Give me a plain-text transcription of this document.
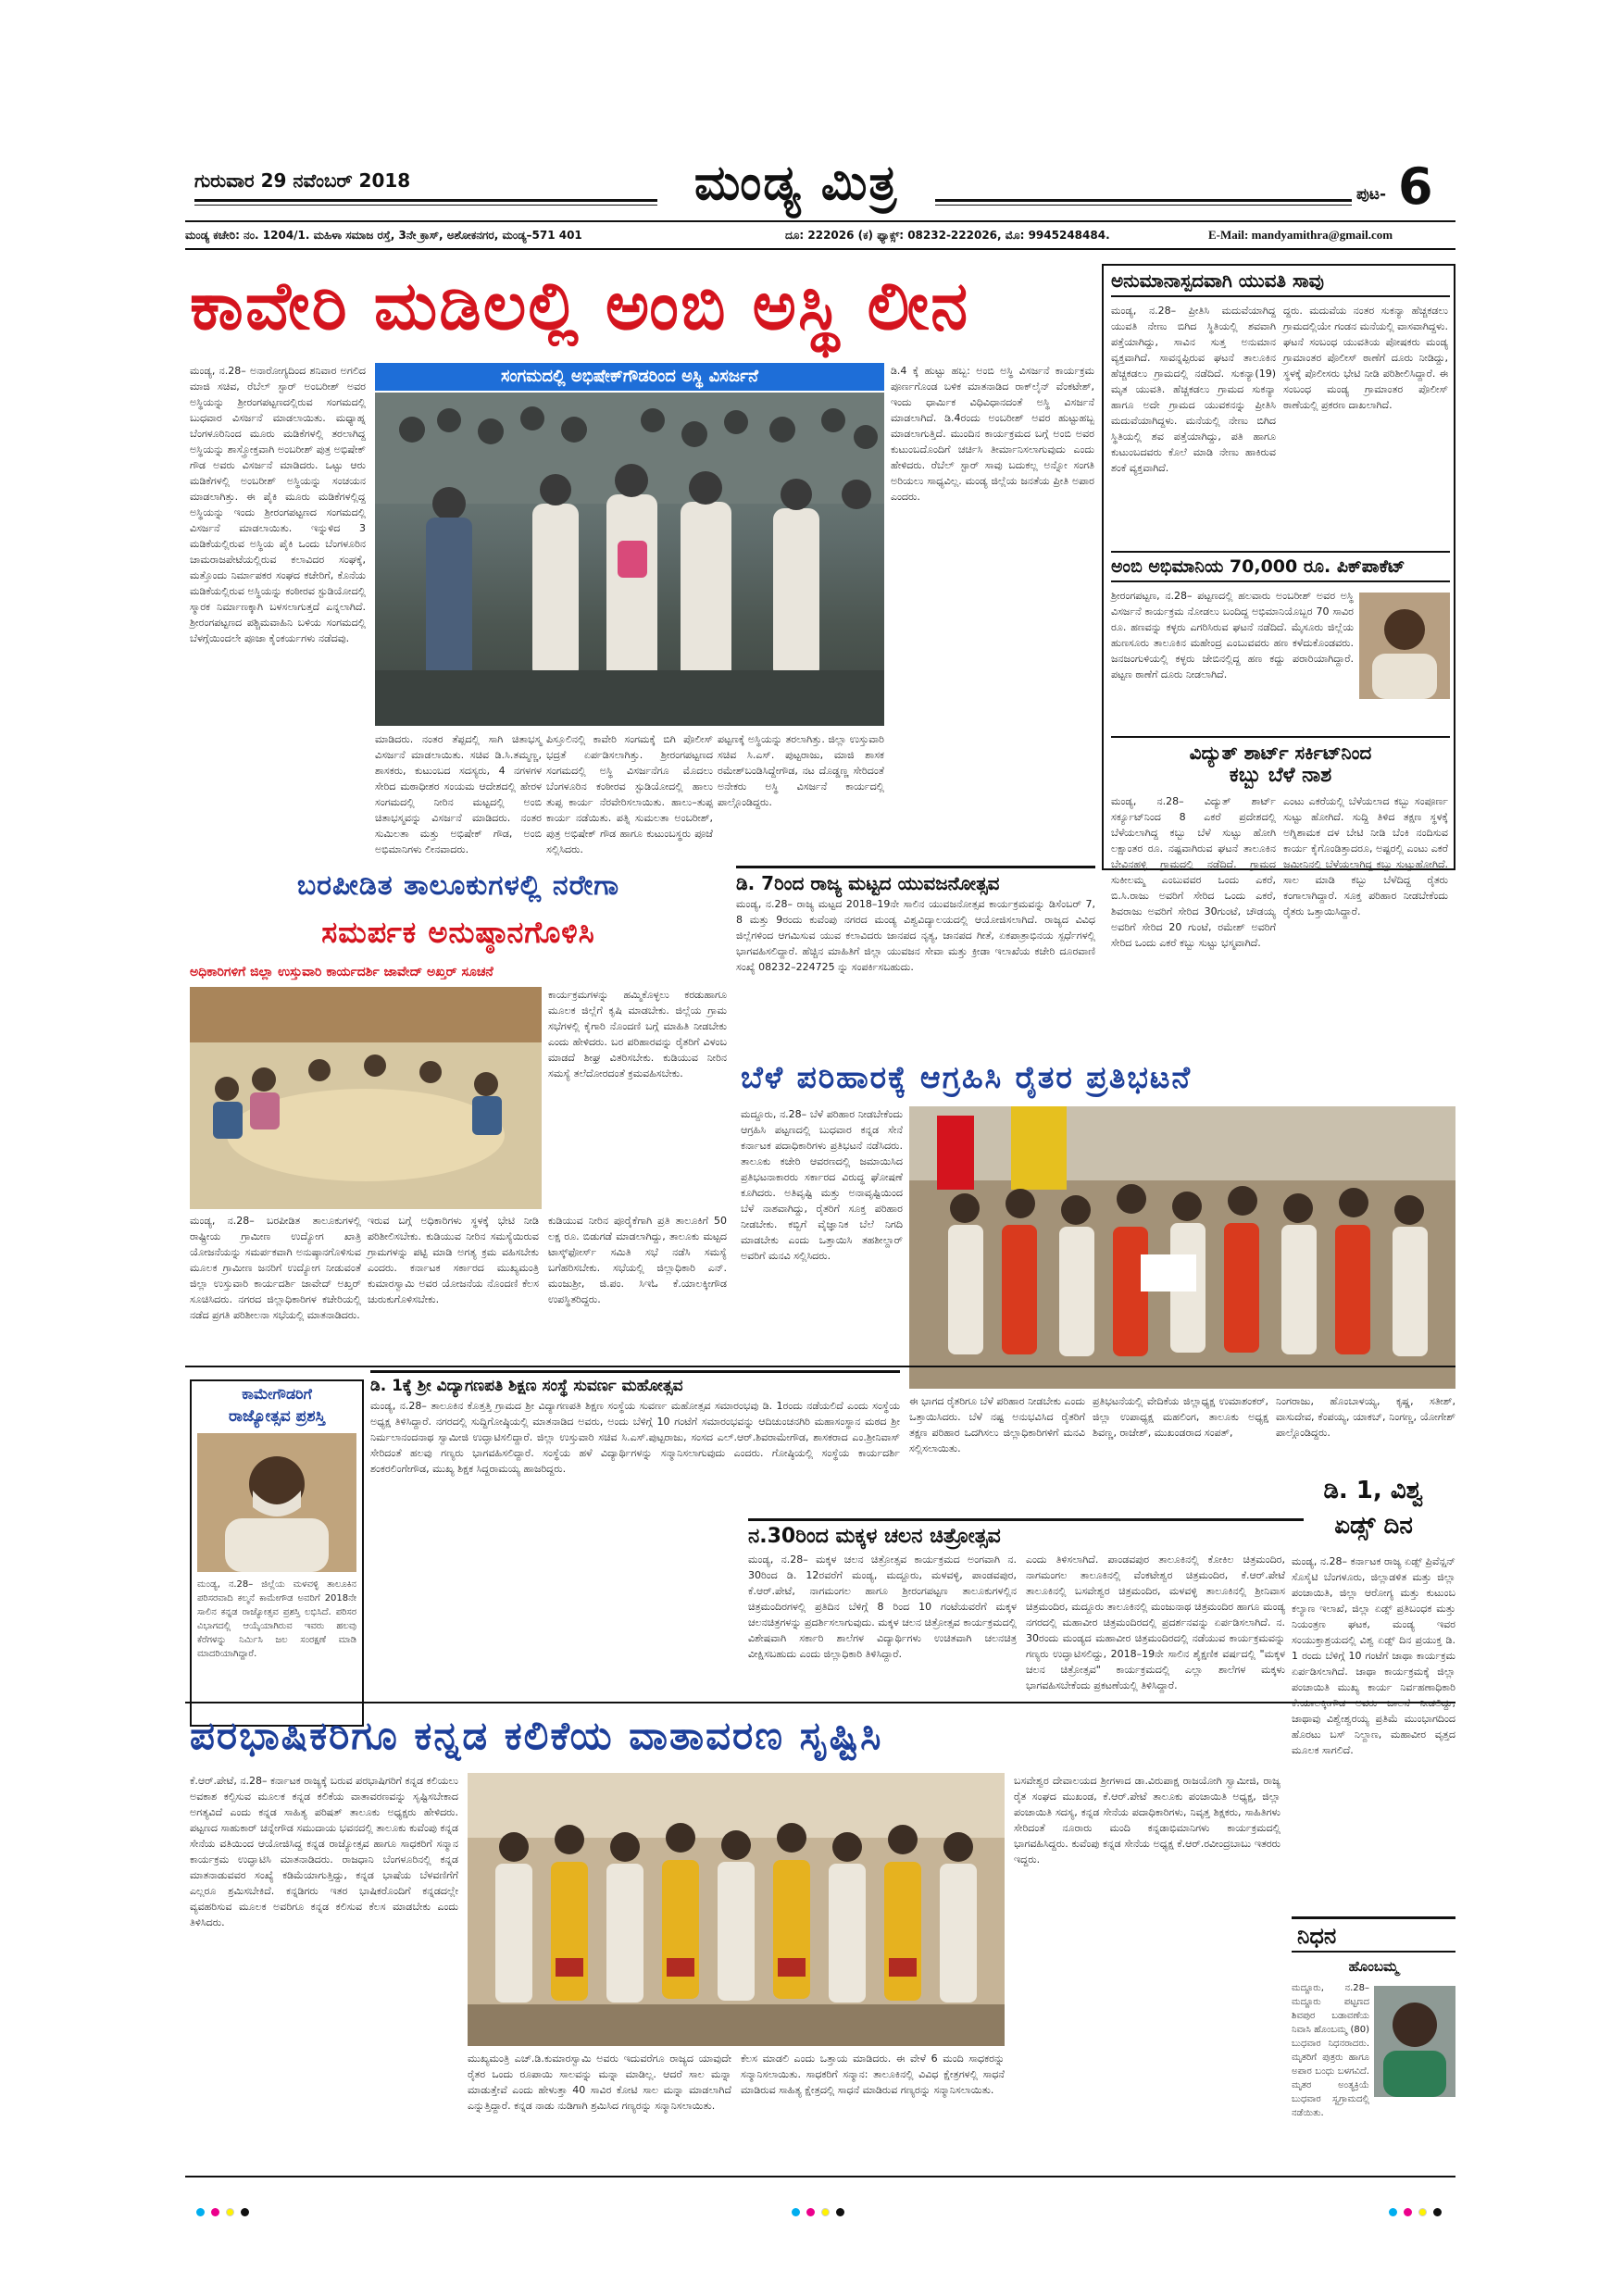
ಗುರುವಾರ 29 ನವೆಂಬರ್ 2018	ಮಂಡ್ಯ ಮಿತ್ರ	ಪುಟ- 6
ಮಂಡ್ಯ ಕಚೇರಿ: ನಂ. 1204/1. ಮಹಿಳಾ ಸಮಾಜ ರಸ್ತೆ, 3ನೇ ಕ್ರಾಸ್, ಅಶೋಕನಗರ, ಮಂಡ್ಯ–571 401	ದೂ: 222026 (ಕ) ಫ್ಯಾಕ್ಸ್: 08232-222026, ಮೊ: 9945248484.	E-Mail: mandyamithra@gmail.com
ಕಾವೇರಿ ಮಡಿಲಲ್ಲಿ ಅಂಬಿ ಅಸ್ಥಿ ಲೀನ
ಮಂಡ್ಯ, ನ.28– ಅನಾರೋಗ್ಯದಿಂದ ಶನಿವಾರ ಅಗಲಿದ ಮಾಜಿ ಸಚಿವ, ರೆಬೆಲ್ ಸ್ಟಾರ್ ಅಂಬರೀಶ್ ಅವರ ಅಸ್ಥಿಯನ್ನು ಶ್ರೀರಂಗಪಟ್ಟಣದಲ್ಲಿರುವ ಸಂಗಮದಲ್ಲಿ ಬುಧವಾರ ವಿಸರ್ಜನೆ ಮಾಡಲಾಯಿತು. ಮಧ್ಯಾಹ್ನ ಬೆಂಗಳೂರಿನಿಂದ ಮೂರು ಮಡಿಕೆಗಳಲ್ಲಿ ತರಲಾಗಿದ್ದ ಅಸ್ಥಿಯನ್ನು ಶಾಸ್ತ್ರೋಕ್ತವಾಗಿ ಅಂಬರೀಶ್ ಪುತ್ರ ಅಭಿಷೇಕ್ ಗೌಡ ಅವರು ವಿಸರ್ಜನೆ ಮಾಡಿದರು. ಒಟ್ಟು ಆರು ಮಡಿಕೆಗಳಲ್ಲಿ ಅಂಬರೀಶ್ ಅಸ್ಥಿಯನ್ನು ಸಂಚಯನ ಮಾಡಲಾಗಿತ್ತು. ಈ ಪೈಕಿ ಮೂರು ಮಡಿಕೆಗಳಲ್ಲಿದ್ದ ಅಸ್ಥಿಯನ್ನು ಇಂದು ಶ್ರೀರಂಗಪಟ್ಟಣದ ಸಂಗಮದಲ್ಲಿ ವಿಸರ್ಜನೆ ಮಾಡಲಾಯಿತು. ಇನ್ನುಳಿದ 3 ಮಡಿಕೆಯಲ್ಲಿರುವ ಅಸ್ಥಿಯ ಪೈಕಿ ಒಂದು ಬೆಂಗಳೂರಿನ ಚಾಮರಾಜಪೇಟೆಯಲ್ಲಿರುವ ಕಲಾವಿದರ ಸಂಘಕ್ಕೆ, ಮತ್ತೊಂದು ನಿರ್ಮಾಪಕರ ಸಂಘದ ಕಚೇರಿಗೆ, ಕೊನೆಯ ಮಡಿಕೆಯಲ್ಲಿರುವ ಅಸ್ಥಿಯನ್ನು ಕಂಠೀರವ ಸ್ಟುಡಿಯೋದಲ್ಲಿ ಸ್ಮಾರಕ ನಿರ್ಮಾಣಕ್ಕಾಗಿ ಬಳಸಲಾಗುತ್ತದೆ ಎನ್ನಲಾಗಿದೆ. ಶ್ರೀರಂಗಪಟ್ಟಣದ ಪಶ್ಚಿಮವಾಹಿನಿ ಬಳಿಯ ಸಂಗಮದಲ್ಲಿ ಬೆಳಗ್ಗೆಯಿಂದಲೇ ಪೂಜಾ ಕೈಂಕರ್ಯಗಳು ನಡೆದವು.
ಸಂಗಮದಲ್ಲಿ ಅಭಿಷೇಕ್‌ಗೌಡರಿಂದ ಅಸ್ಥಿ ವಿಸರ್ಜನೆ
ಮಾಡಿದರು. ನಂತರ ತೆಪ್ಪದಲ್ಲಿ ಸಾಗಿ ಚಿತಾಭಸ್ಮ ವಿಸರ್ಜನೆ ಮಾಡಲಾಯಿತು. ಸಚಿವ ಡಿ.ಸಿ.ತಮ್ಮಣ್ಣ, ಶಾಸಕರು, ಕುಟುಂಬದ ಸದಸ್ಯರು, 4 ನಗಳಗಳ ಸೇರಿದ ಮಠಾಧೀಶರ ಸಂಯಮ ಆದೇಶದಲ್ಲಿ ಹೇರಳ ಸಂಗಮದಲ್ಲಿ ನೀರಿನ ಮಟ್ಟದಲ್ಲಿ ಅಂಬಿ ಚಿತಾಭಸ್ಮವನ್ನು ವಿಸರ್ಜನೆ ಮಾಡಿದರು. ನಂತರ ಸುಮಿಲತಾ ಮತ್ತು ಅಭಿಷೇಕ್ ಗೌಡ, ಅಂಬಿ ಅಭಿಮಾನಿಗಳು ಲೀನವಾದರು.
ಪಿಸ್ತೂಲಿನಲ್ಲಿ ಕಾವೇರಿ ಸಂಗಮಕ್ಕೆ ಬಿಗಿ ಪೊಲೀಸ್ ಭದ್ರತೆ ಏರ್ಪಡಿಸಲಾಗಿತ್ತು. ಶ್ರೀರಂಗಪಟ್ಟಣದ ಸಂಗಮದಲ್ಲಿ ಅಸ್ಥಿ ವಿಸರ್ಜನೆಗೂ ಮೊದಲು ಬೆಂಗಳೂರಿನ ಕಂಠೀರವ ಸ್ಟುಡಿಯೋದಲ್ಲಿ ಹಾಲು ತುಪ್ಪ ಕಾರ್ಯ ನೆರವೇರಿಸಲಾಯಿತು. ಹಾಲು–ತುಪ್ಪ ಕಾರ್ಯ ನಡೆಯಿತು. ಪತ್ನಿ ಸುಮಲತಾ ಅಂಬರೀಶ್, ಪುತ್ರ ಅಭಿಷೇಕ್ ಗೌಡ ಹಾಗೂ ಕುಟುಂಬಸ್ಥರು ಪೂಜೆ ಸಲ್ಲಿಸಿದರು.
ಪಟ್ಟಣಕ್ಕೆ ಅಸ್ಥಿಯನ್ನು ತರಲಾಗಿತ್ತು. ಜಿಲ್ಲಾ ಉಸ್ತುವಾರಿ ಸಚಿವ ಸಿ.ಎಸ್. ಪುಟ್ಟರಾಜು, ಮಾಜಿ ಶಾಸಕ ರಮೇಶ್‌ಬಂಡಿಸಿದ್ದೇಗೌಡ, ನಟ ದೊಡ್ಡಣ್ಣ ಸೇರಿದಂತೆ ಅನೇಕರು ಅಸ್ಥಿ ವಿಸರ್ಜನೆ ಕಾರ್ಯದಲ್ಲಿ ಪಾಲ್ಗೊಂಡಿದ್ದರು.
ಡಿ.4 ಕ್ಕೆ ಹುಟ್ಟು ಹಬ್ಬ: ಅಂಬಿ ಅಸ್ಥಿ ವಿಸರ್ಜನೆ ಕಾರ್ಯಕ್ರಮ ಪೂರ್ಣಗೊಂಡ ಬಳಿಕ ಮಾತನಾಡಿದ ರಾಕ್‌ಲೈನ್ ವೆಂಕಟೇಶ್, ಇಂದು ಧಾರ್ಮಿಕ ವಿಧಿವಿಧಾನದಂತೆ ಅಸ್ಥಿ ವಿಸರ್ಜನೆ ಮಾಡಲಾಗಿದೆ. ಡಿ.4ರಂದು ಅಂಬರೀಶ್ ಅವರ ಹುಟ್ಟುಹಬ್ಬ ಮಾಡಲಾಗುತ್ತಿದೆ. ಮುಂದಿನ ಕಾರ್ಯಕ್ರಮದ ಬಗ್ಗೆ ಅಂಬಿ ಅವರ ಕುಟುಂಬದೊಂದಿಗೆ ಚರ್ಚಿಸಿ ತೀರ್ಮಾನಿಸಲಾಗುವುದು ಎಂದು ಹೇಳಿದರು. ರೆಬೆಲ್ ಸ್ಟಾರ್ ಸಾವು ಬದುಕಲ್ಲ ಅನ್ನೋ ಸಂಗತಿ ಅರಿಯಲು ಸಾಧ್ಯವಿಲ್ಲ. ಮಂಡ್ಯ ಜಿಲ್ಲೆಯ ಜನತೆಯ ಪ್ರೀತಿ ಅಪಾರ ಎಂದರು.
ಅನುಮಾನಾಸ್ಪದವಾಗಿ ಯುವತಿ ಸಾವು
ಮಂಡ್ಯ, ನ.28– ಪ್ರೀತಿಸಿ ಮದುವೆಯಾಗಿದ್ದ ಯುವತಿ ನೇಣು ಬಿಗಿದ ಸ್ಥಿತಿಯಲ್ಲಿ ಶವವಾಗಿ ಪತ್ತೆಯಾಗಿದ್ದು, ಸಾವಿನ ಸುತ್ತ ಅನುಮಾನ ವ್ಯಕ್ತವಾಗಿದೆ. ಸಾವನ್ನಪ್ಪಿರುವ ಘಟನೆ ತಾಲೂಕಿನ ಹೆಚ್ಚಕಡಲು ಗ್ರಾಮದಲ್ಲಿ ನಡೆದಿದೆ. ಸುಕನ್ಯಾ(19) ಮೃತ ಯುವತಿ. ಹೆಚ್ಚಕಡಲು ಗ್ರಾಮದ ಸುಕನ್ಯಾ ಹಾಗೂ ಅದೇ ಗ್ರಾಮದ ಯುವಕನನ್ನು ಪ್ರೀತಿಸಿ ಮದುವೆಯಾಗಿದ್ದಳು. ಮನೆಯಲ್ಲಿ ನೇಣು ಬಿಗಿದ ಸ್ಥಿತಿಯಲ್ಲಿ ಶವ ಪತ್ತೆಯಾಗಿದ್ದು, ಪತಿ ಹಾಗೂ ಕುಟುಂಬದವರು ಕೊಲೆ ಮಾಡಿ ನೇಣು ಹಾಕಿರುವ ಶಂಕೆ ವ್ಯಕ್ತವಾಗಿದೆ.
ದ್ದರು. ಮದುವೆಯ ನಂತರ ಸುಕನ್ಯಾ ಹೆಚ್ಚಕಡಲು ಗ್ರಾಮದಲ್ಲಿಯೇ ಗಂಡನ ಮನೆಯಲ್ಲಿ ವಾಸವಾಗಿದ್ದಳು. ಘಟನೆ ಸಂಬಂಧ ಯುವತಿಯ ಪೋಷಕರು ಮಂಡ್ಯ ಗ್ರಾಮಾಂತರ ಪೊಲೀಸ್ ಠಾಣೆಗೆ ದೂರು ನೀಡಿದ್ದು, ಸ್ಥಳಕ್ಕೆ ಪೊಲೀಸರು ಭೇಟಿ ನೀಡಿ ಪರಿಶೀಲಿಸಿದ್ದಾರೆ. ಈ ಸಂಬಂಧ ಮಂಡ್ಯ ಗ್ರಾಮಾಂತರ ಪೊಲೀಸ್ ಠಾಣೆಯಲ್ಲಿ ಪ್ರಕರಣ ದಾಖಲಾಗಿದೆ.
ಅಂಬಿ ಅಭಿಮಾನಿಯ 70,000 ರೂ. ಪಿಕ್‌ಪಾಕೆಟ್
ಶ್ರೀರಂಗಪಟ್ಟಣ, ನ.28– ಪಟ್ಟಣದಲ್ಲಿ ಹಲವಾರು ಅಂಬರೀಶ್ ಅವರ ಅಸ್ಥಿ ವಿಸರ್ಜನೆ ಕಾರ್ಯಕ್ರಮ ನೋಡಲು ಬಂದಿದ್ದ ಅಭಿಮಾನಿಯೊಬ್ಬರ 70 ಸಾವಿರ ರೂ. ಹಣವನ್ನು ಕಳ್ಳರು ಎಗರಿಸಿರುವ ಘಟನೆ ನಡೆದಿದೆ. ಮೈಸೂರು ಜಿಲ್ಲೆಯ ಹುಣಸೂರು ತಾಲೂಕಿನ ಮಹೇಂದ್ರ ಎಂಬುವವರು ಹಣ ಕಳೆದುಕೊಂಡವರು. ಜನಜಂಗುಳಿಯಲ್ಲಿ ಕಳ್ಳರು ಜೇಬಿನಲ್ಲಿದ್ದ ಹಣ ಕದ್ದು ಪರಾರಿಯಾಗಿದ್ದಾರೆ. ಪಟ್ಟಣ ಠಾಣೆಗೆ ದೂರು ನೀಡಲಾಗಿದೆ.
ವಿದ್ಯುತ್ ಶಾರ್ಟ್ ಸರ್ಕಿಟ್‌ನಿಂದ
ಕಬ್ಬು ಬೆಳೆ ನಾಶ
ಮಂಡ್ಯ, ನ.28– ವಿದ್ಯುತ್ ಶಾರ್ಟ್ ಸರ್ಕ್ಯೂಟ್‌ನಿಂದ 8 ಎಕರೆ ಪ್ರದೇಶದಲ್ಲಿ ಬೆಳೆಯಲಾಗಿದ್ದ ಕಬ್ಬು ಬೆಳೆ ಸುಟ್ಟು ಹೋಗಿ ಲಕ್ಷಾಂತರ ರೂ. ನಷ್ಟವಾಗಿರುವ ಘಟನೆ ತಾಲೂಕಿನ ಬೇವಿನಹಳ್ಳಿ ಗ್ರಾಮದಲ್ಲಿ ನಡೆದಿದೆ. ಗ್ರಾಮದ ಸುಕೀಲಮ್ಮ ಎಂಬುವವರ ಒಂದು ಎಕರೆ, ಬಿ.ಸಿ.ರಾಜು ಅವರಿಗೆ ಸೇರಿದ ಒಂದು ಎಕರೆ, ಶಿವರಾಜು ಅವರಿಗೆ ಸೇರಿದ 30ಗುಂಟೆ, ಚೌಡಯ್ಯ ಅವರಿಗೆ ಸೇರಿದ 20 ಗುಂಟೆ, ರಮೇಶ್ ಅವರಿಗೆ ಸೇರಿದ ಒಂದು ಎಕರೆ ಕಬ್ಬು ಸುಟ್ಟು ಭಸ್ಮವಾಗಿದೆ.
ಎಂಟು ಎಕರೆಯಲ್ಲಿ ಬೆಳೆಯಲಾದ ಕಬ್ಬು ಸಂಪೂರ್ಣ ಸುಟ್ಟು ಹೋಗಿದೆ. ಸುದ್ದಿ ತಿಳಿದ ತಕ್ಷಣ ಸ್ಥಳಕ್ಕೆ ಅಗ್ನಿಶಾಮಕ ದಳ ಬೇಟಿ ನೀಡಿ ಬೆಂಕಿ ನಂದಿಸುವ ಕಾರ್ಯ ಕೈಗೊಂಡಿತ್ತಾದರೂ, ಅಷ್ಟರಲ್ಲಿ ಎಂಟು ಎಕರೆ ಜಮೀನಿನಲ್ಲಿ ಬೆಳೆಯಲಾಗಿದ್ದ ಕಬ್ಬು ಸುಟ್ಟುಹೋಗಿದೆ. ಸಾಲ ಮಾಡಿ ಕಬ್ಬು ಬೆಳೆದಿದ್ದ ರೈತರು ಕಂಗಾಲಾಗಿದ್ದಾರೆ. ಸೂಕ್ತ ಪರಿಹಾರ ನೀಡಬೇಕೆಂದು ರೈತರು ಒತ್ತಾಯಿಸಿದ್ದಾರೆ.
ಬರಪೀಡಿತ ತಾಲೂಕುಗಳಲ್ಲಿ ನರೇಗಾ
ಸಮರ್ಪಕ ಅನುಷ್ಠಾನಗೊಳಿಸಿ
ಅಧಿಕಾರಿಗಳಿಗೆ ಜಿಲ್ಲಾ ಉಸ್ತುವಾರಿ ಕಾರ್ಯದರ್ಶಿ ಜಾವೇದ್ ಅಖ್ತರ್ ಸೂಚನೆ
ಕಾರ್ಯಕ್ರಮಗಳನ್ನು ಹಮ್ಮಿಕೊಳ್ಳಲು ಕರಡುಹಾಗೂ ಮೂಲಕ ಜಿಲ್ಲೆಗೆ ಕೃಷಿ ಮಾಡಬೇಕು. ಜಿಲ್ಲೆಯ ಗ್ರಾಮ ಸಭೆಗಳಲ್ಲಿ ಕೈಗಾರಿ ನೊಂದಣಿ ಬಗ್ಗೆ ಮಾಹಿತಿ ನೀಡಬೇಕು ಎಂದು ಹೇಳಿದರು. ಬರ ಪರಿಹಾರವನ್ನು ರೈತರಿಗೆ ವಿಳಂಬ ಮಾಡದೆ ಶೀಘ್ರ ವಿತರಿಸಬೇಕು. ಕುಡಿಯುವ ನೀರಿನ ಸಮಸ್ಯೆ ತಲೆದೋರದಂತೆ ಕ್ರಮವಹಿಸಬೇಕು.
ಮಂಡ್ಯ, ನ.28– ಬರಪೀಡಿತ ತಾಲೂಕುಗಳಲ್ಲಿ ರಾಷ್ಟ್ರೀಯ ಗ್ರಾಮೀಣ ಉದ್ಯೋಗ ಖಾತ್ರಿ ಯೋಜನೆಯನ್ನು ಸಮರ್ಪಕವಾಗಿ ಅನುಷ್ಠಾನಗೊಳಿಸುವ ಮೂಲಕ ಗ್ರಾಮೀಣ ಜನರಿಗೆ ಉದ್ಯೋಗ ನೀಡುವಂತೆ ಜಿಲ್ಲಾ ಉಸ್ತುವಾರಿ ಕಾರ್ಯದರ್ಶಿ ಜಾವೇದ್ ಅಖ್ತರ್ ಸೂಚಿಸಿದರು. ನಗರದ ಜಿಲ್ಲಾಧಿಕಾರಿಗಳ ಕಚೇರಿಯಲ್ಲಿ ನಡೆದ ಪ್ರಗತಿ ಪರಿಶೀಲನಾ ಸಭೆಯಲ್ಲಿ ಮಾತನಾಡಿದರು.
ಇರುವ ಬಗ್ಗೆ ಅಧಿಕಾರಿಗಳು ಸ್ಥಳಕ್ಕೆ ಭೇಟಿ ನೀಡಿ ಪರಿಶೀಲಿಸಬೇಕು. ಕುಡಿಯುವ ನೀರಿನ ಸಮಸ್ಯೆಯಿರುವ ಗ್ರಾಮಗಳನ್ನು ಪಟ್ಟಿ ಮಾಡಿ ಅಗತ್ಯ ಕ್ರಮ ವಹಿಸಬೇಕು ಎಂದರು. ಕರ್ನಾಟಕ ಸರ್ಕಾರದ ಮುಖ್ಯಮಂತ್ರಿ ಕುಮಾರಸ್ವಾಮಿ ಅವರ ಯೋಜನೆಯ ನೊಂದಣಿ ಕೆಲಸ ಚುರುಕುಗೊಳಿಸಬೇಕು.
ಕುಡಿಯುವ ನೀರಿನ ಪೂರೈಕೆಗಾಗಿ ಪ್ರತಿ ತಾಲೂಕಿಗೆ 50 ಲಕ್ಷ ರೂ. ಬಿಡುಗಡೆ ಮಾಡಲಾಗಿದ್ದು, ತಾಲೂಕು ಮಟ್ಟದ ಟಾಸ್ಕ್‌ಫೋರ್ಸ್ ಸಮಿತಿ ಸಭೆ ನಡೆಸಿ ಸಮಸ್ಯೆ ಬಗೆಹರಿಸಬೇಕು. ಸಭೆಯಲ್ಲಿ ಜಿಲ್ಲಾಧಿಕಾರಿ ಎನ್. ಮಂಜುಶ್ರೀ, ಜಿ.ಪಂ. ಸಿಇಓ ಕೆ.ಯಾಲಕ್ಕೀಗೌಡ ಉಪಸ್ಥಿತರಿದ್ದರು.
ಡಿ. 7ರಿಂದ ರಾಜ್ಯ ಮಟ್ಟದ ಯುವಜನೋತ್ಸವ
ಮಂಡ್ಯ, ನ.28– ರಾಜ್ಯ ಮಟ್ಟದ 2018–19ನೇ ಸಾಲಿನ ಯುವಜನೋತ್ಸವ ಕಾರ್ಯಕ್ರಮವನ್ನು ಡಿಸೆಂಬರ್ 7, 8 ಮತ್ತು 9ರಂದು ಕುವೆಂಪು ನಗರದ ಮಂಡ್ಯ ವಿಶ್ವವಿದ್ಯಾಲಯದಲ್ಲಿ ಆಯೋಜಿಸಲಾಗಿದೆ. ರಾಜ್ಯದ ವಿವಿಧ ಜಿಲ್ಲೆಗಳಿಂದ ಆಗಮಿಸುವ ಯುವ ಕಲಾವಿದರು ಜಾನಪದ ನೃತ್ಯ, ಜಾನಪದ ಗೀತೆ, ಏಕಪಾತ್ರಾಭಿನಯ ಸ್ಪರ್ಧೆಗಳಲ್ಲಿ ಭಾಗವಹಿಸಲಿದ್ದಾರೆ. ಹೆಚ್ಚಿನ ಮಾಹಿತಿಗೆ ಜಿಲ್ಲಾ ಯುವಜನ ಸೇವಾ ಮತ್ತು ಕ್ರೀಡಾ ಇಲಾಖೆಯ ಕಚೇರಿ ದೂರವಾಣಿ ಸಂಖ್ಯೆ 08232–224725 ನ್ನು ಸಂಪರ್ಕಿಸಬಹುದು.
ಬೆಳೆ ಪರಿಹಾರಕ್ಕೆ ಆಗ್ರಹಿಸಿ ರೈತರ ಪ್ರತಿಭಟನೆ
ಮದ್ದೂರು, ನ.28– ಬೆಳೆ ಪರಿಹಾರ ನೀಡಬೇಕೆಂದು ಆಗ್ರಹಿಸಿ ಪಟ್ಟಣದಲ್ಲಿ ಬುಧವಾರ ಕನ್ನಡ ಸೇನೆ ಕರ್ನಾಟಕ ಪದಾಧಿಕಾರಿಗಳು ಪ್ರತಿಭಟನೆ ನಡೆಸಿದರು. ತಾಲೂಕು ಕಚೇರಿ ಆವರಣದಲ್ಲಿ ಜಮಾಯಿಸಿದ ಪ್ರತಿಭಟನಾಕಾರರು ಸರ್ಕಾರದ ವಿರುದ್ಧ ಘೋಷಣೆ ಕೂಗಿದರು. ಅತಿವೃಷ್ಟಿ ಮತ್ತು ಅನಾವೃಷ್ಟಿಯಿಂದ ಬೆಳೆ ನಾಶವಾಗಿದ್ದು, ರೈತರಿಗೆ ಸೂಕ್ತ ಪರಿಹಾರ ನೀಡಬೇಕು. ಕಬ್ಬಿಗೆ ವೈಜ್ಞಾನಿಕ ಬೆಲೆ ನಿಗದಿ ಮಾಡಬೇಕು ಎಂದು ಒತ್ತಾಯಿಸಿ ತಹಶೀಲ್ದಾರ್ ಅವರಿಗೆ ಮನವಿ ಸಲ್ಲಿಸಿದರು.
ಈ ಭಾಗದ ರೈತರಿಗೂ ಬೆಳೆ ಪರಿಹಾರ ನೀಡಬೇಕು ಎಂದು ಒತ್ತಾಯಿಸಿದರು. ಬೆಳೆ ನಷ್ಟ ಅನುಭವಿಸಿದ ರೈತರಿಗೆ ತಕ್ಷಣ ಪರಿಹಾರ ಒದಗಿಸಲು ಜಿಲ್ಲಾಧಿಕಾರಿಗಳಿಗೆ ಮನವಿ ಸಲ್ಲಿಸಲಾಯಿತು.
ಪ್ರತಿಭಟನೆಯಲ್ಲಿ ವೇದಿಕೆಯ ಜಿಲ್ಲಾಧ್ಯಕ್ಷ ಉಮಾಶಂಕರ್, ಜಿಲ್ಲಾ ಉಪಾಧ್ಯಕ್ಷ ಮಹಲಿಂಗ, ತಾಲೂಕು ಅಧ್ಯಕ್ಷ ಶಿವಣ್ಣ, ರಾಜೇಶ್, ಮುಖಂಡರಾದ ಸಂಪತ್,
ನಿಂಗರಾಜು, ಹೊಂಬಾಳಯ್ಯ, ಕೃಷ್ಣ, ಸತೀಶ್, ವಾಸುದೇವ, ಕೆಂಪಯ್ಯ, ಯಾಕಬ್, ನಿಂಗಣ್ಣ, ಯೋಗೇಶ್ ಪಾಲ್ಗೊಂಡಿದ್ದರು.
ಕಾಮೇಗೌಡರಿಗೆ
ರಾಜ್ಯೋತ್ಸವ ಪ್ರಶಸ್ತಿ
ಮಂಡ್ಯ, ನ.28– ಜಿಲ್ಲೆಯ ಮಳವಳ್ಳಿ ತಾಲೂಕಿನ ಪರಿಸರವಾದಿ ಕಲ್ಮನೆ ಕಾಮೇಗೌಡ ಅವರಿಗೆ 2018ನೇ ಸಾಲಿನ ಕನ್ನಡ ರಾಜ್ಯೋತ್ಸವ ಪ್ರಶಸ್ತಿ ಲಭಿಸಿದೆ. ಪರಿಸರ ವಿಭಾಗದಲ್ಲಿ ಆಯ್ಕೆಯಾಗಿರುವ ಇವರು ಹಲವು ಕೆರೆಗಳನ್ನು ನಿರ್ಮಿಸಿ ಜಲ ಸಂರಕ್ಷಣೆ ಮಾಡಿ ಮಾದರಿಯಾಗಿದ್ದಾರೆ.
ಡಿ. 1ಕ್ಕೆ ಶ್ರೀ ವಿದ್ಯಾಗಣಪತಿ ಶಿಕ್ಷಣ ಸಂಸ್ಥೆ ಸುವರ್ಣ ಮಹೋತ್ಸವ
ಮಂಡ್ಯ, ನ.28– ತಾಲೂಕಿನ ಕೊತ್ತತ್ತಿ ಗ್ರಾಮದ ಶ್ರೀ ವಿದ್ಯಾಗಣಪತಿ ಶಿಕ್ಷಣ ಸಂಸ್ಥೆಯ ಸುವರ್ಣ ಮಹೋತ್ಸವ ಸಮಾರಂಭವು ಡಿ. 1ರಂದು ನಡೆಯಲಿದೆ ಎಂದು ಸಂಸ್ಥೆಯ ಅಧ್ಯಕ್ಷ ತಿಳಿಸಿದ್ದಾರೆ. ನಗರದಲ್ಲಿ ಸುದ್ದಿಗೋಷ್ಠಿಯಲ್ಲಿ ಮಾತನಾಡಿದ ಅವರು, ಅಂದು ಬೆಳಿಗ್ಗೆ 10 ಗಂಟೆಗೆ ಸಮಾರಂಭವನ್ನು ಆದಿಚುಂಚನಗಿರಿ ಮಹಾಸಂಸ್ಥಾನ ಮಠದ ಶ್ರೀ ನಿರ್ಮಲಾನಂದನಾಥ ಸ್ವಾಮೀಜಿ ಉದ್ಘಾಟಿಸಲಿದ್ದಾರೆ. ಜಿಲ್ಲಾ ಉಸ್ತುವಾರಿ ಸಚಿವ ಸಿ.ಎಸ್.ಪುಟ್ಟರಾಜು, ಸಂಸದ ಎಲ್.ಆರ್.ಶಿವರಾಮೇಗೌಡ, ಶಾಸಕರಾದ ಎಂ.ಶ್ರೀನಿವಾಸ್ ಸೇರಿದಂತೆ ಹಲವು ಗಣ್ಯರು ಭಾಗವಹಿಸಲಿದ್ದಾರೆ. ಸಂಸ್ಥೆಯ ಹಳೆ ವಿದ್ಯಾರ್ಥಿಗಳನ್ನು ಸನ್ಮಾನಿಸಲಾಗುವುದು ಎಂದರು. ಗೋಷ್ಠಿಯಲ್ಲಿ ಸಂಸ್ಥೆಯ ಕಾರ್ಯದರ್ಶಿ ಶಂಕರಲಿಂಗೇಗೌಡ, ಮುಖ್ಯ ಶಿಕ್ಷಕ ಸಿದ್ದರಾಮಯ್ಯ ಹಾಜರಿದ್ದರು.
ನ.30ರಿಂದ ಮಕ್ಕಳ ಚಲನ ಚಿತ್ರೋತ್ಸವ
ಮಂಡ್ಯ, ನ.28– ಮಕ್ಕಳ ಚಲನ ಚಿತ್ರೋತ್ಸವ ಕಾರ್ಯಕ್ರಮದ ಅಂಗವಾಗಿ ನ. 30ರಿಂದ ಡಿ. 12ರವರೆಗೆ ಮಂಡ್ಯ, ಮದ್ದೂರು, ಮಳವಳ್ಳಿ, ಪಾಂಡವಪುರ, ಕೆ.ಆರ್.ಪೇಟೆ, ನಾಗಮಂಗಲ ಹಾಗೂ ಶ್ರೀರಂಗಪಟ್ಟಣ ತಾಲೂಕುಗಳಲ್ಲಿನ ಚಿತ್ರಮಂದಿರಗಳಲ್ಲಿ ಪ್ರತಿದಿನ ಬೆಳಿಗ್ಗೆ 8 ರಿಂದ 10 ಗಂಟೆಯವರೆಗೆ ಮಕ್ಕಳ ಚಲನಚಿತ್ರಗಳನ್ನು ಪ್ರದರ್ಶಿಸಲಾಗುವುದು. ಮಕ್ಕಳ ಚಲನ ಚಿತ್ರೋತ್ಸವ ಕಾರ್ಯಕ್ರಮದಲ್ಲಿ ವಿಶೇಷವಾಗಿ ಸರ್ಕಾರಿ ಶಾಲೆಗಳ ವಿದ್ಯಾರ್ಥಿಗಳು ಉಚಿತವಾಗಿ ಚಲನಚಿತ್ರ ವೀಕ್ಷಿಸಬಹುದು ಎಂದು ಜಿಲ್ಲಾಧಿಕಾರಿ ತಿಳಿಸಿದ್ದಾರೆ.
ಎಂದು ತಿಳಿಸಲಾಗಿದೆ. ಪಾಂಡವಪುರ ತಾಲೂಕಿನಲ್ಲಿ ಕೋಕಿಲ ಚಿತ್ರಮಂದಿರ, ನಾಗಮಂಗಲ ತಾಲೂಕಿನಲ್ಲಿ ವೆಂಕಟೇಶ್ವರ ಚಿತ್ರಮಂದಿರ, ಕೆ.ಆರ್.ಪೇಟೆ ತಾಲೂಕಿನಲ್ಲಿ ಬಸವೇಶ್ವರ ಚಿತ್ರಮಂದಿರ, ಮಳವಳ್ಳಿ ತಾಲೂಕಿನಲ್ಲಿ ಶ್ರೀನಿವಾಸ ಚಿತ್ರಮಂದಿರ, ಮದ್ದೂರು ತಾಲೂಕಿನಲ್ಲಿ ಮಂಜುನಾಥ ಚಿತ್ರಮಂದಿರ ಹಾಗೂ ಮಂಡ್ಯ ನಗರದಲ್ಲಿ ಮಹಾವೀರ ಚಿತ್ರಮಂದಿರದಲ್ಲಿ ಪ್ರದರ್ಶನವನ್ನು ಏರ್ಪಡಿಸಲಾಗಿದೆ. ನ. 30ರಂದು ಮಂಡ್ಯದ ಮಹಾವೀರ ಚಿತ್ರಮಂದಿರದಲ್ಲಿ ನಡೆಯುವ ಕಾರ್ಯಕ್ರಮವನ್ನು ಗಣ್ಯರು ಉದ್ಘಾಟಿಸಲಿದ್ದು, 2018–19ನೇ ಸಾಲಿನ ಶೈಕ್ಷಣಿಕ ವರ್ಷದಲ್ಲಿ "ಮಕ್ಕಳ ಚಲನ ಚಿತ್ರೋತ್ಸವ" ಕಾರ್ಯಕ್ರಮದಲ್ಲಿ ಎಲ್ಲಾ ಶಾಲೆಗಳ ಮಕ್ಕಳು ಭಾಗವಹಿಸಬೇಕೆಂದು ಪ್ರಕಟಣೆಯಲ್ಲಿ ತಿಳಿಸಿದ್ದಾರೆ.
ಡಿ. 1, ವಿಶ್ವ
ಏಡ್ಸ್ ದಿನ
ಮಂಡ್ಯ, ನ.28– ಕರ್ನಾಟಕ ರಾಜ್ಯ ಏಡ್ಸ್ ಪ್ರಿವೆನ್ಷನ್ ಸೊಸೈಟಿ ಬೆಂಗಳೂರು, ಜಿಲ್ಲಾಡಳಿತ ಮತ್ತು ಜಿಲ್ಲಾ ಪಂಚಾಯಿತಿ, ಜಿಲ್ಲಾ ಆರೋಗ್ಯ ಮತ್ತು ಕುಟುಂಬ ಕಲ್ಯಾಣ ಇಲಾಖೆ, ಜಿಲ್ಲಾ ಏಡ್ಸ್ ಪ್ರತಿಬಂಧಕ ಮತ್ತು ನಿಯಂತ್ರಣ ಘಟಕ, ಮಂಡ್ಯ ಇವರ ಸಂಯುಕ್ತಾಶ್ರಯದಲ್ಲಿ ವಿಶ್ವ ಏಡ್ಸ್ ದಿನ ಪ್ರಯುಕ್ತ ಡಿ. 1 ರಂದು ಬೆಳಿಗ್ಗೆ 10 ಗಂಟೆಗೆ ಜಾಥಾ ಕಾರ್ಯಕ್ರಮ ಏರ್ಪಡಿಸಲಾಗಿದೆ. ಜಾಥಾ ಕಾರ್ಯಕ್ರಮಕ್ಕೆ ಜಿಲ್ಲಾ ಪಂಚಾಯಿತಿ ಮುಖ್ಯ ಕಾರ್ಯ ನಿರ್ವಹಣಾಧಿಕಾರಿ ಜಾಥಾವು ವಿಶ್ವೇಶ್ವರಯ್ಯ ಪ್ರತಿಮೆ ಮುಂಭಾಗದಿಂದ ಹೊರಟು ಬಸ್ ನಿಲ್ದಾಣ, ಮಹಾವೀರ ವೃತ್ತದ ಮೂಲಕ ಸಾಗಲಿದೆ.
ಪರಭಾಷಿಕರಿಗೂ ಕನ್ನಡ ಕಲಿಕೆಯ ವಾತಾವರಣ ಸೃಷ್ಟಿಸಿ
ಕೆ.ಆರ್.ಪೇಟೆ, ನ.28– ಕರ್ನಾಟಕ ರಾಜ್ಯಕ್ಕೆ ಬರುವ ಪರಭಾಷಿಗರಿಗೆ ಕನ್ನಡ ಕಲಿಯಲು ಅವಕಾಶ ಕಲ್ಪಿಸುವ ಮೂಲಕ ಕನ್ನಡ ಕಲಿಕೆಯ ವಾತಾವರಣವನ್ನು ಸೃಷ್ಟಿಸಬೇಕಾದ ಅಗತ್ಯವಿದೆ ಎಂದು ಕನ್ನಡ ಸಾಹಿತ್ಯ ಪರಿಷತ್ ತಾಲೂಕು ಅಧ್ಯಕ್ಷರು ಹೇಳಿದರು. ಪಟ್ಟಣದ ಸಾಹುಕಾರ್ ಚನ್ನೇಗೌಡ ಸಮುದಾಯ ಭವನದಲ್ಲಿ ತಾಲೂಕು ಕುವೆಂಪು ಕನ್ನಡ ಸೇನೆಯ ವತಿಯಿಂದ ಆಯೋಜಿಸಿದ್ದ ಕನ್ನಡ ರಾಜ್ಯೋತ್ಸವ ಹಾಗೂ ಸಾಧಕರಿಗೆ ಸನ್ಮಾನ ಕಾರ್ಯಕ್ರಮ ಉದ್ಘಾಟಿಸಿ ಮಾತನಾಡಿದರು. ರಾಜಧಾನಿ ಬೆಂಗಳೂರಿನಲ್ಲಿ ಕನ್ನಡ ಮಾತನಾಡುವವರ ಸಂಖ್ಯೆ ಕಡಿಮೆಯಾಗುತ್ತಿದ್ದು, ಕನ್ನಡ ಭಾಷೆಯ ಬೆಳವಣಿಗೆಗೆ ಎಲ್ಲರೂ ಶ್ರಮಿಸಬೇಕಿದೆ. ಕನ್ನಡಿಗರು ಇತರ ಭಾಷಿಕರೊಂದಿಗೆ ಕನ್ನಡದಲ್ಲೇ ವ್ಯವಹರಿಸುವ ಮೂಲಕ ಅವರಿಗೂ ಕನ್ನಡ ಕಲಿಸುವ ಕೆಲಸ ಮಾಡಬೇಕು ಎಂದು ತಿಳಿಸಿದರು.
ಮುಖ್ಯಮಂತ್ರಿ ಎಚ್.ಡಿ.ಕುಮಾರಸ್ವಾಮಿ ಅವರು ಇದುವರೆಗೂ ರಾಜ್ಯದ ಯಾವುದೇ ರೈತರ ಒಂದು ರೂಪಾಯಿ ಸಾಲವನ್ನು ಮನ್ನಾ ಮಾಡಿಲ್ಲ. ಆದರೆ ಸಾಲ ಮನ್ನಾ ಮಾಡುತ್ತೇವೆ ಎಂದು ಹೇಳುತ್ತಾ 40 ಸಾವಿರ ಕೋಟಿ ಸಾಲ ಮನ್ನಾ ಮಾಡಲಾಗಿದೆ ಎನ್ನುತ್ತಿದ್ದಾರೆ. ಕನ್ನಡ ನಾಡು ನುಡಿಗಾಗಿ ಶ್ರಮಿಸಿದ ಗಣ್ಯರನ್ನು ಸನ್ಮಾನಿಸಲಾಯಿತು.
ಕೆಲಸ ಮಾಡಲಿ ಎಂದು ಒತ್ತಾಯ ಮಾಡಿದರು. ಈ ವೇಳೆ 6 ಮಂದಿ ಸಾಧಕರನ್ನು ಸನ್ಮಾನಿಸಲಾಯಿತು. ಸಾಧಕರಿಗೆ ಸನ್ಮಾನ: ತಾಲೂಕಿನಲ್ಲಿ ವಿವಿಧ ಕ್ಷೇತ್ರಗಳಲ್ಲಿ ಸಾಧನೆ ಮಾಡಿರುವ ಸಾಹಿತ್ಯ ಕ್ಷೇತ್ರದಲ್ಲಿ ಸಾಧನೆ ಮಾಡಿರುವ ಗಣ್ಯರನ್ನು ಸನ್ಮಾನಿಸಲಾಯಿತು.
ಬಸವೇಶ್ವರ ದೇವಾಲಯದ ಶ್ರೀಗಳಾದ ಡಾ.ವಿರುಪಾಕ್ಷ ರಾಜಯೋಗಿ ಸ್ವಾಮೀಜಿ, ರಾಜ್ಯ ರೈತ ಸಂಘದ ಮುಖಂಡ, ಕೆ.ಆರ್.ಪೇಟೆ ತಾಲೂಕು ಪಂಚಾಯಿತಿ ಅಧ್ಯಕ್ಷ, ಜಿಲ್ಲಾ ಪಂಚಾಯಿತಿ ಸದಸ್ಯ, ಕನ್ನಡ ಸೇನೆಯ ಪದಾಧಿಕಾರಿಗಳು, ನಿವೃತ್ತ ಶಿಕ್ಷಕರು, ಸಾಹಿತಿಗಳು ಸೇರಿದಂತೆ ನೂರಾರು ಮಂದಿ ಕನ್ನಡಾಭಿಮಾನಿಗಳು ಕಾರ್ಯಕ್ರಮದಲ್ಲಿ ಭಾಗವಹಿಸಿದ್ದರು. ಕುವೆಂಪು ಕನ್ನಡ ಸೇನೆಯ ಅಧ್ಯಕ್ಷ ಕೆ.ಆರ್.ರವೀಂದ್ರಬಾಬು ಇತರರು ಇದ್ದರು.
ನಿಧನ
ಹೊಂಬಮ್ಮ
ಮದ್ದೂರು, ನ.28– ಮದ್ದೂರು ಪಟ್ಟಣದ ಶಿವಪುರ ಬಡಾವಣೆಯ ನಿವಾಸಿ ಹೊಂಬಮ್ಮ (80) ಬುಧವಾರ ನಿಧನರಾದರು. ಮೃತರಿಗೆ ಪುತ್ರರು ಹಾಗೂ ಅಪಾರ ಬಂಧು ಬಳಗವಿದೆ. ಮೃತರ ಅಂತ್ಯಕ್ರಿಯೆ ಬುಧವಾರ ಸ್ವಗ್ರಾಮದಲ್ಲಿ ನಡೆಯಿತು.
